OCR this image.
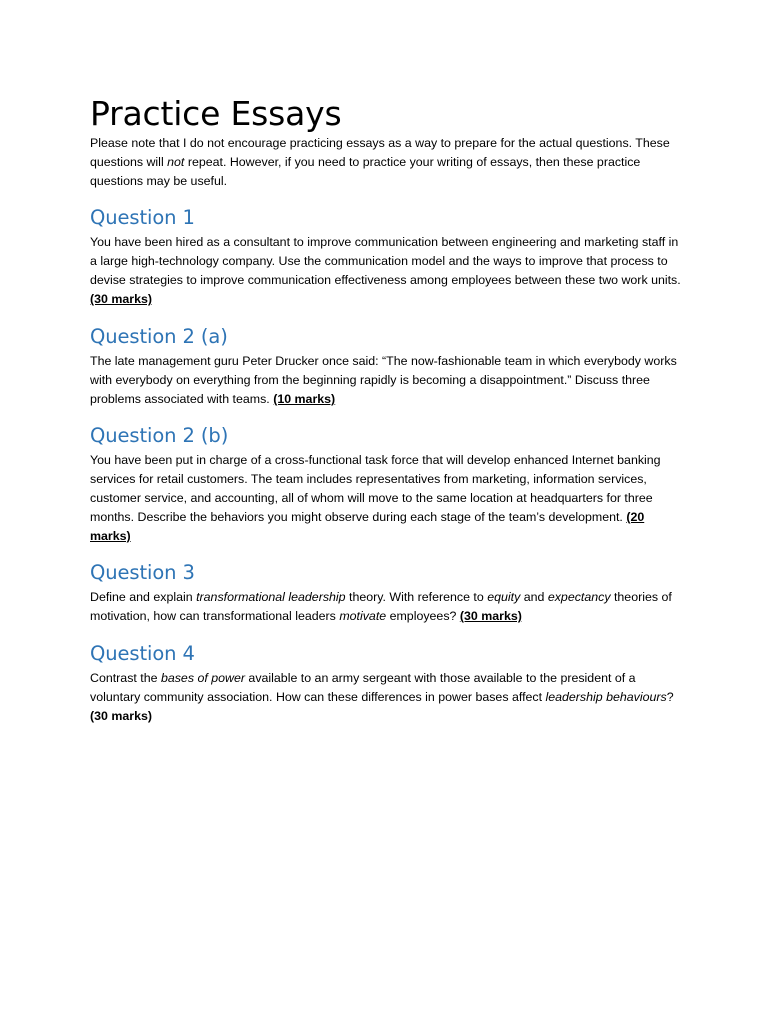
Practice Essays

Please note that I do not encourage practicing essays as a way to prepare for the actual questions. These questions will not repeat. However, if you need to practice your writing of essays, then these practice questions may be useful.

Question 1

You have been hired as a consultant to improve communication between engineering and marketing staff in a large high-technology company. Use the communication model and the ways to improve that process to devise strategies to improve communication effectiveness among employees between these two work units. (30 marks)

Question 2 (a)

The late management guru Peter Drucker once said: “The now-fashionable team in which everybody works with everybody on everything from the beginning rapidly is becoming a disappointment.” Discuss three problems associated with teams. (10 marks)

Question 2 (b)

You have been put in charge of a cross-functional task force that will develop enhanced Internet banking services for retail customers. The team includes representatives from marketing, information services, customer service, and accounting, all of whom will move to the same location at headquarters for three months. Describe the behaviors you might observe during each stage of the team’s development. (20 marks)

Question 3

Define and explain transformational leadership theory. With reference to equity and expectancy theories of motivation, how can transformational leaders motivate employees? (30 marks)

Question 4

Contrast the bases of power available to an army sergeant with those available to the president of a voluntary community association. How can these differences in power bases affect leadership behaviours? (30 marks)
